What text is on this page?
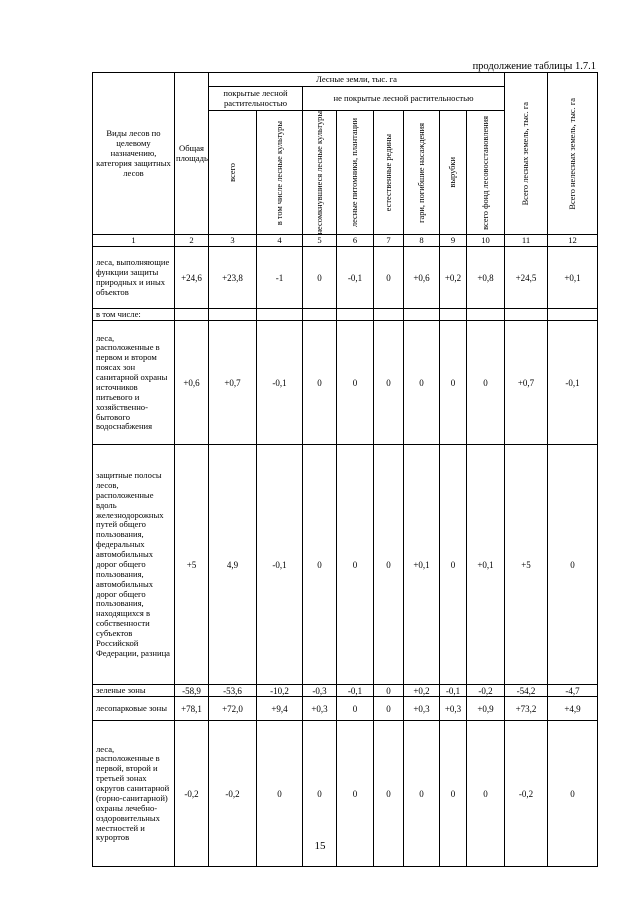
продолжение таблицы 1.7.1
Виды лесов по целевому назначению, категория защитных лесов	Общая площадь	Лесные земли, тыс. га								Всего лесных земель, тыс. га	Всего нелесных земель, тыс. га

		покрытые лесной растительностью		не покрытые лесной растительностью							

		всего	в том числе лесные культуры	несомкнувшиеся лесные культуры	лесные питомники, плантации	естественные редины	гари, погибшие насаждения	вырубки	всего фонд лесовосстановления		

1	2	3	4	5	6	7	8	9	10	11	12
леса, выполняющие функции защиты природных и иных объектов	+24,6	+23,8	-1	0	-0,1	0	+0,6	+0,2	+0,8	+24,5	+0,1
в том числе:											
леса, расположенные в первом и втором поясах зон санитарной охраны источников питьевого и хозяйственно-бытового водоснабжения	+0,6	+0,7	-0,1	0	0	0	0	0	0	+0,7	-0,1
защитные полосы лесов, расположенные вдоль железнодорожных путей общего пользования, федеральных автомобильных дорог общего пользования, автомобильных дорог общего пользования, находящихся в собственности субъектов Российской Федерации, разница	+5	4,9	-0,1	0	0	0	+0,1	0	+0,1	+5	0
зеленые зоны	-58,9	-53,6	-10,2	-0,3	-0,1	0	+0,2	-0,1	-0,2	-54,2	-4,7
лесопарковые зоны	+78,1	+72,0	+9,4	+0,3	0	0	+0,3	+0,3	+0,9	+73,2	+4,9
леса, расположенные в первой, второй и третьей зонах округов санитарной (горно-санитарной) охраны лечебно-оздоровительных местностей и курортов	-0,2	-0,2	0	0	0	0	0	0	0	-0,2	0
15
